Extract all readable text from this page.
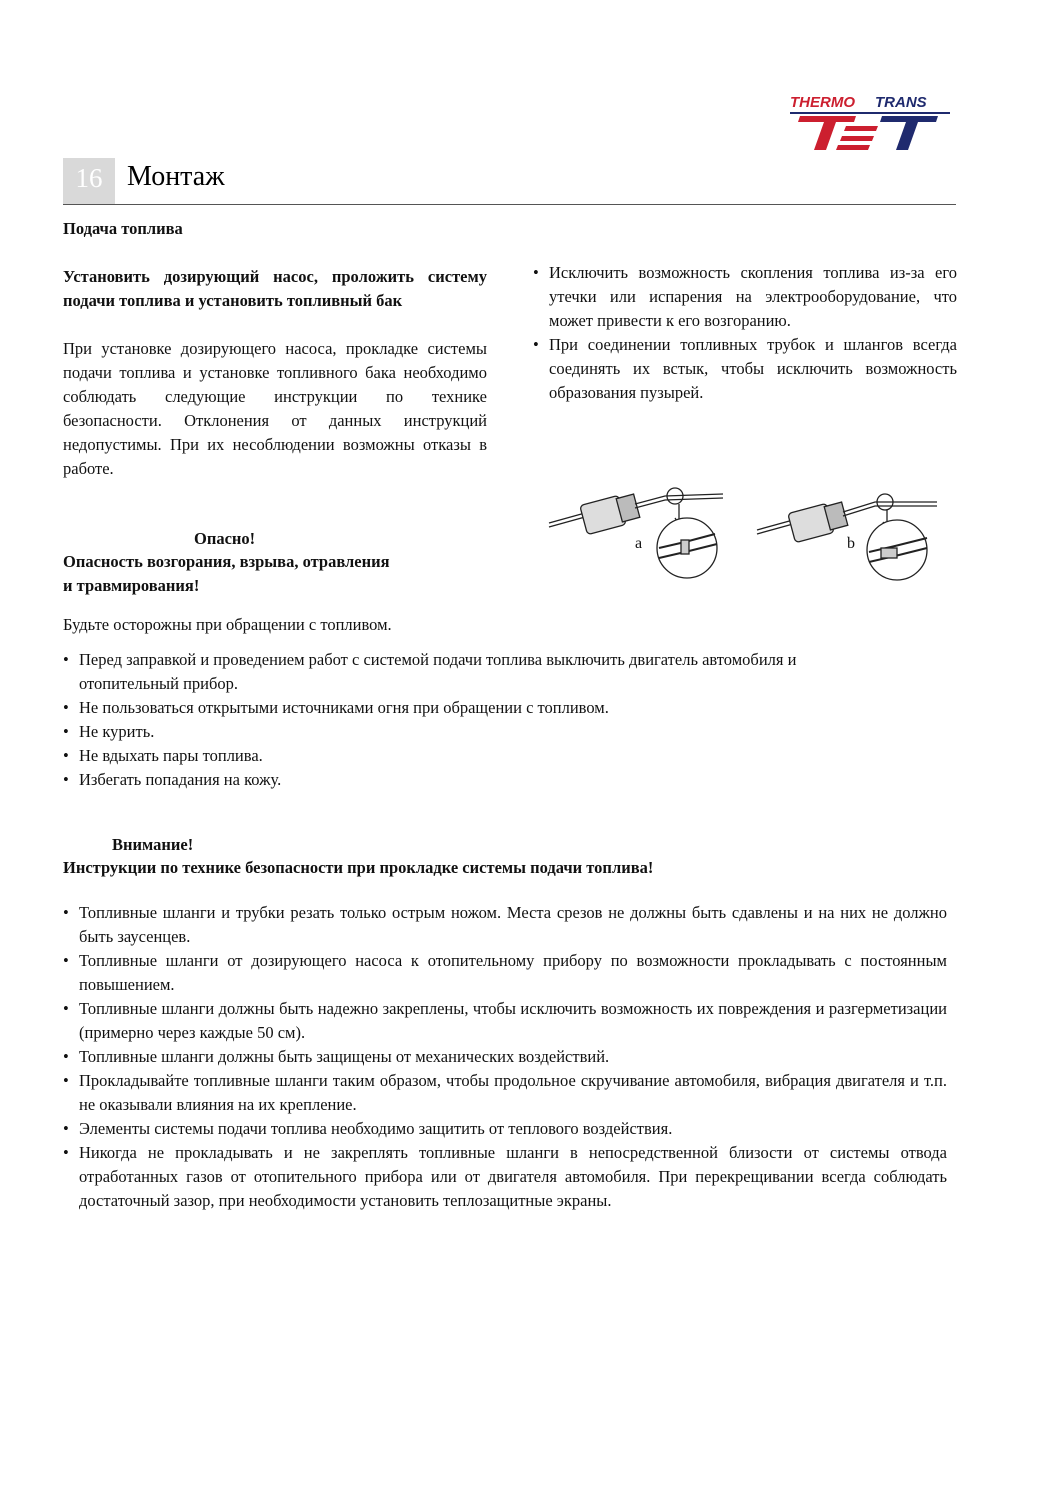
THERMO TRANS
TET
16 Монтаж
Подача топлива
Установить дозирующий насос, проложить систему подачи топлива и установить топливный бак
При установке дозирующего насоса, прокладке системы подачи топлива и установке топливного бака необходимо соблюдать следующие инструкции по технике безопасности. Отклонения от данных инструкций недопустимы. При их несоблюдении возможны отказы в работе.
• Исключить возможность скопления топлива из-за его утечки или испарения на электрооборудование, что может привести к его возгоранию.
• При соединении топливных трубок и шлангов всегда соединять их встык, чтобы исключить возможность образования пузырей.
a	b
Опасно!
Опасность возгорания, взрыва, отравления
и травмирования!
Будьте осторожны при обращении с топливом.
• Перед заправкой и проведением работ с системой подачи топлива выключить двигатель автомобиля и отопительный прибор.
• Не пользоваться открытыми источниками огня при обращении с топливом.
• Не курить.
• Не вдыхать пары топлива.
• Избегать попадания на кожу.
Внимание!
Инструкции по технике безопасности при прокладке системы подачи топлива!
• Топливные шланги и трубки резать только острым ножом. Места срезов не должны быть сдавлены и на них не должно быть заусенцев.
• Топливные шланги от дозирующего насоса к отопительному прибору по возможности прокладывать с постоянным повышением.
• Топливные шланги должны быть надежно закреплены, чтобы исключить возможность их повреждения и разгерметизации (примерно через каждые 50 см).
• Топливные шланги должны быть защищены от механических воздействий.
• Прокладывайте топливные шланги таким образом, чтобы продольное скручивание автомобиля, вибрация двигателя и т.п. не оказывали влияния на их крепление.
• Элементы системы подачи топлива необходимо защитить от теплового воздействия.
• Никогда не прокладывать и не закреплять топливные шланги в непосредственной близости от системы отвода отработанных газов от отопительного прибора или от двигателя автомобиля. При перекрещивании всегда соблюдать достаточный зазор, при необходимости установить теплозащитные экраны.
